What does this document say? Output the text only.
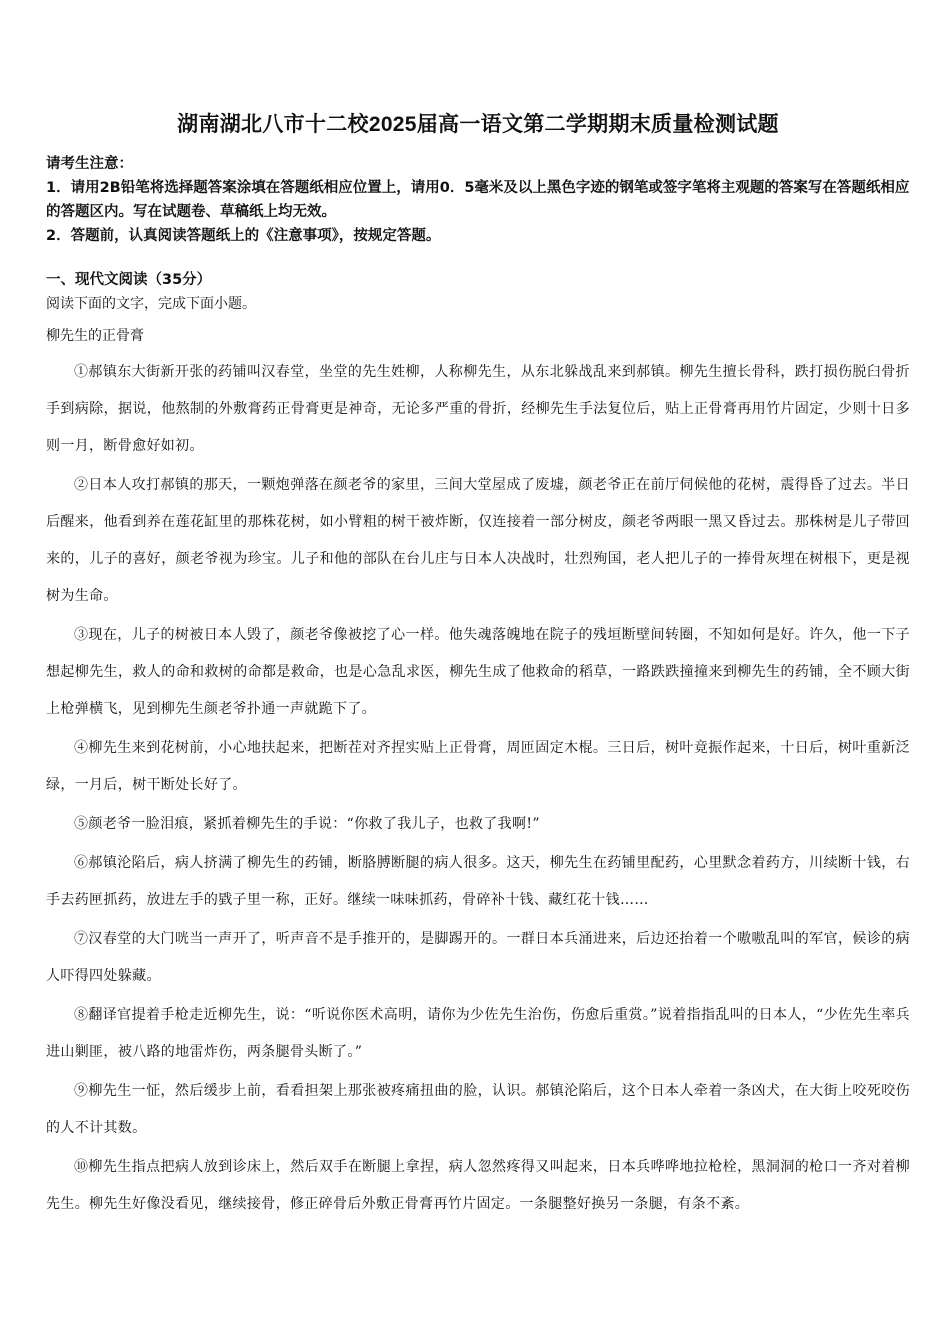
湖南湖北八市十二校2025届高一语文第二学期期末质量检测试题

请考生注意：

1．请用2B铅笔将选择题答案涂填在答题纸相应位置上，请用0．5毫米及以上黑色字迹的钢笔或签字笔将主观题的答案写在答题纸相应的答题区内。写在试题卷、草稿纸上均无效。

2．答题前，认真阅读答题纸上的《注意事项》，按规定答题。

一、现代文阅读（35分）

阅读下面的文字，完成下面小题。

柳先生的正骨膏

①郝镇东大街新开张的药铺叫汉春堂，坐堂的先生姓柳，人称柳先生，从东北躲战乱来到郝镇。柳先生擅长骨科，跌打损伤脱臼骨折手到病除，据说，他熬制的外敷膏药正骨膏更是神奇，无论多严重的骨折，经柳先生手法复位后，贴上正骨膏再用竹片固定，少则十日多则一月，断骨愈好如初。

②日本人攻打郝镇的那天，一颗炮弹落在颜老爷的家里，三间大堂屋成了废墟，颜老爷正在前厅伺候他的花树，震得昏了过去。半日后醒来，他看到养在莲花缸里的那株花树，如小臂粗的树干被炸断，仅连接着一部分树皮，颜老爷两眼一黑又昏过去。那株树是儿子带回来的，儿子的喜好，颜老爷视为珍宝。儿子和他的部队在台儿庄与日本人决战时，壮烈殉国，老人把儿子的一捧骨灰埋在树根下，更是视树为生命。

③现在，儿子的树被日本人毁了，颜老爷像被挖了心一样。他失魂落魄地在院子的残垣断壁间转圈，不知如何是好。许久，他一下子想起柳先生，救人的命和救树的命都是救命，也是心急乱求医，柳先生成了他救命的稻草，一路跌跌撞撞来到柳先生的药铺，全不顾大街上枪弹横飞，见到柳先生颜老爷扑通一声就跪下了。

④柳先生来到花树前，小心地扶起来，把断茬对齐捏实贴上正骨膏，周匝固定木棍。三日后，树叶竟振作起来，十日后，树叶重新泛绿，一月后，树干断处长好了。

⑤颜老爷一脸泪痕，紧抓着柳先生的手说：“你救了我儿子，也救了我啊!”

⑥郝镇沦陷后，病人挤满了柳先生的药铺，断胳膊断腿的病人很多。这天，柳先生在药铺里配药，心里默念着药方，川续断十钱，右手去药匣抓药，放进左手的戥子里一称，正好。继续一味味抓药，骨碎补十钱、藏红花十钱……

⑦汉春堂的大门咣当一声开了，听声音不是手推开的，是脚踢开的。一群日本兵涌进来，后边还抬着一个嗷嗷乱叫的军官，候诊的病人吓得四处躲藏。

⑧翻译官提着手枪走近柳先生，说：“听说你医术高明，请你为少佐先生治伤，伤愈后重赏。”说着指指乱叫的日本人，“少佐先生率兵进山剿匪，被八路的地雷炸伤，两条腿骨头断了。”

⑨柳先生一怔，然后缓步上前，看看担架上那张被疼痛扭曲的脸，认识。郝镇沦陷后，这个日本人牵着一条凶犬，在大街上咬死咬伤的人不计其数。

⑩柳先生指点把病人放到诊床上，然后双手在断腿上拿捏，病人忽然疼得又叫起来，日本兵哗哗地拉枪栓，黑洞洞的枪口一齐对着柳先生。柳先生好像没看见，继续接骨，修正碎骨后外敷正骨膏再竹片固定。一条腿整好换另一条腿，有条不紊。
